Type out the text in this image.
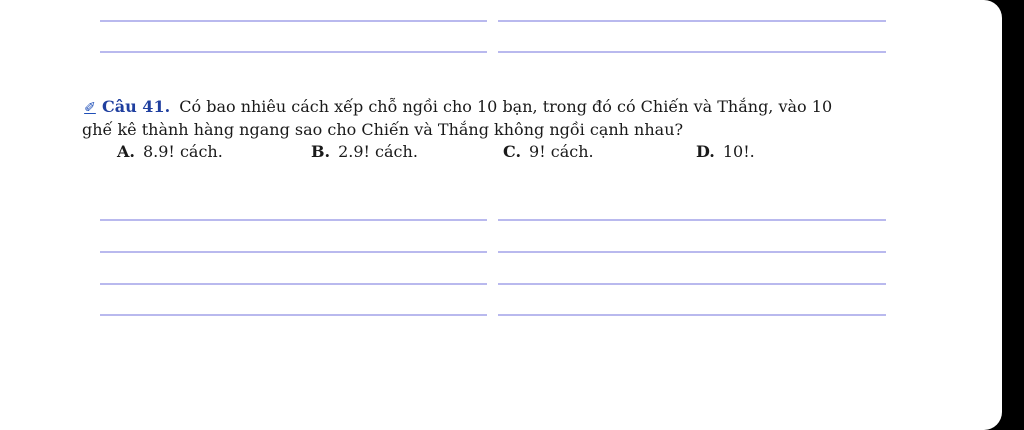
✐ Câu 41. Có bao nhiêu cách xếp chỗ ngồi cho 10 bạn, trong đó có Chiến và Thắng, vào 10
ghế kê thành hàng ngang sao cho Chiến và Thắng không ngồi cạnh nhau?
A. 8.9! cách.	B. 2.9! cách.	C. 9! cách.	D. 10!.
